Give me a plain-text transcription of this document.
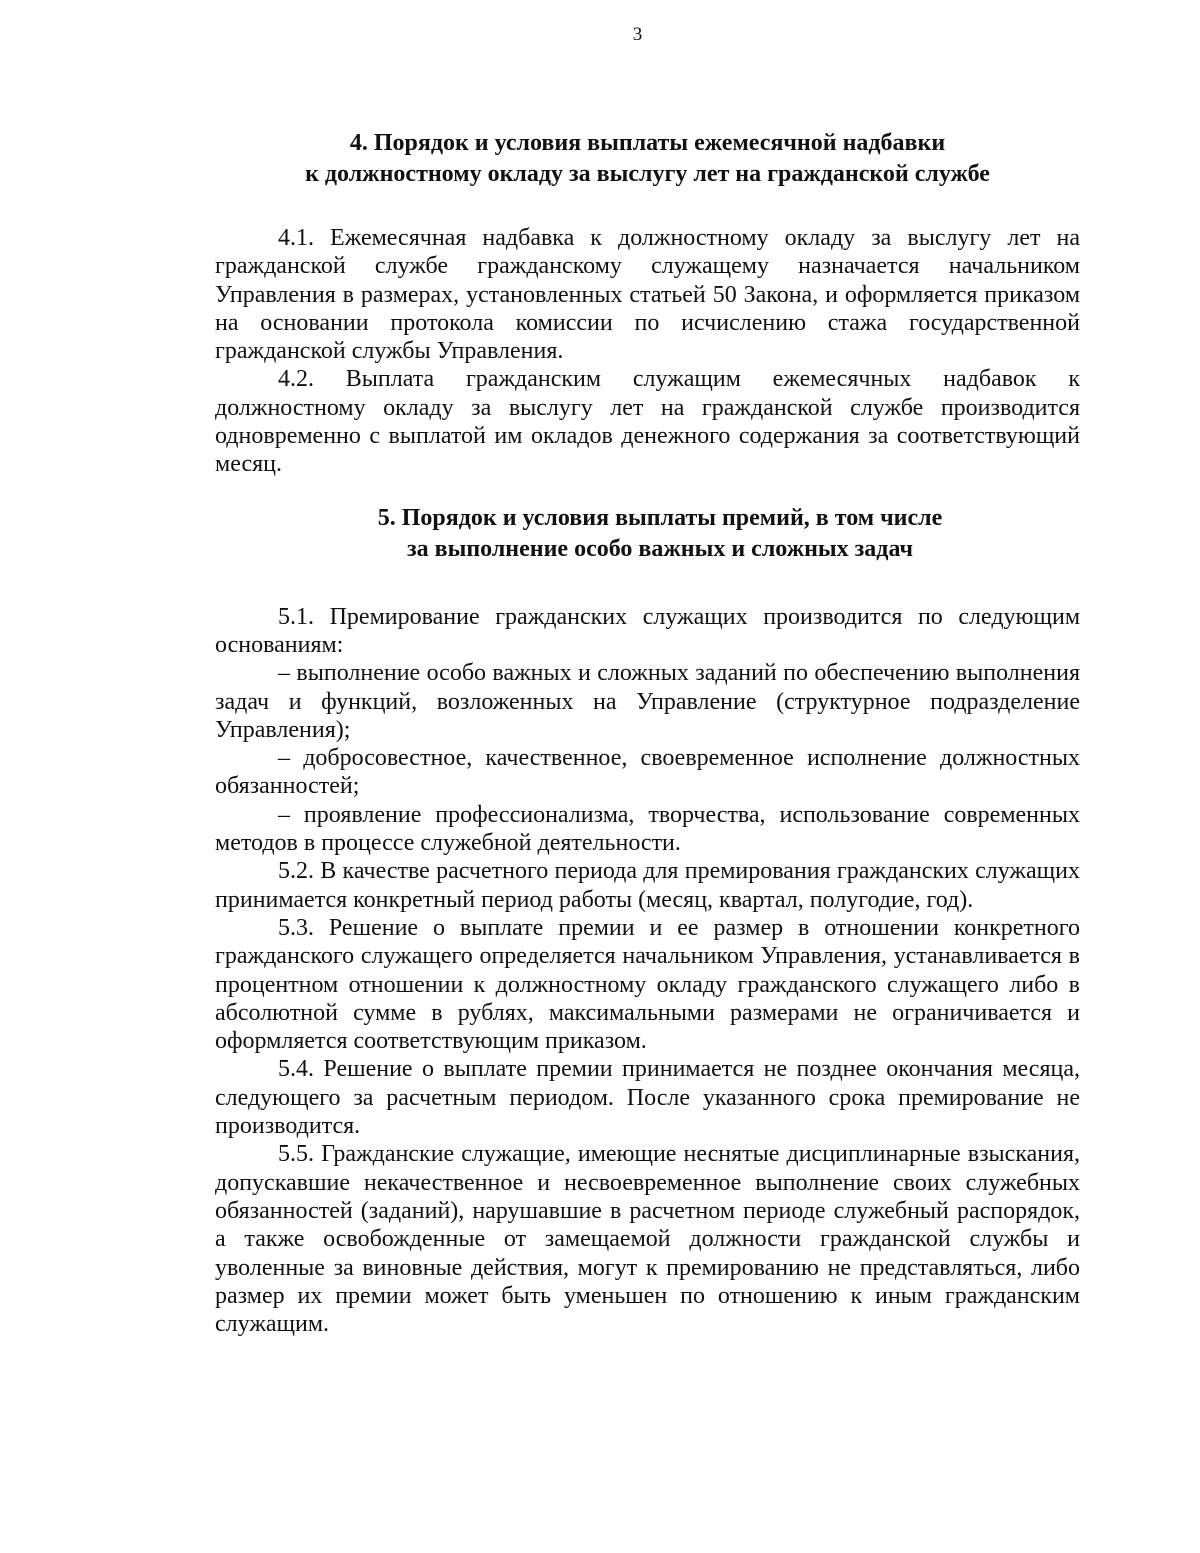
3
4. Порядок и условия выплаты ежемесячной надбавки
к должностному окладу за выслугу лет на гражданской службе

4.1. Ежемесячная надбавка к должностному окладу за выслугу лет на гражданской службе гражданскому служащему назначается начальником Управления в размерах, установленных статьей 50 Закона, и оформляется приказом на основании протокола комиссии по исчислению стажа государственной гражданской службы Управления.

4.2. Выплата гражданским служащим ежемесячных надбавок к должностному окладу за выслугу лет на гражданской службе производится одновременно с выплатой им окладов денежного содержания за соответствующий месяц.

5. Порядок и условия выплаты премий, в том числе
за выполнение особо важных и сложных задач

5.1. Премирование гражданских служащих производится по следующим основаниям:

– выполнение особо важных и сложных заданий по обеспечению выполнения задач и функций, возложенных на Управление (структурное подразделение Управления);

– добросовестное, качественное, своевременное исполнение должностных обязанностей;

– проявление профессионализма, творчества, использование современных методов в процессе служебной деятельности.

5.2. В качестве расчетного периода для премирования гражданских служащих принимается конкретный период работы (месяц, квартал, полугодие, год).

5.3. Решение о выплате премии и ее размер в отношении конкретного гражданского служащего определяется начальником Управления, устанавливается в процентном отношении к должностному окладу гражданского служащего либо в абсолютной сумме в рублях, максимальными размерами не ограничивается и оформляется соответствующим приказом.

5.4. Решение о выплате премии принимается не позднее окончания месяца, следующего за расчетным периодом. После указанного срока премирование не производится.

5.5. Гражданские служащие, имеющие неснятые дисциплинарные взыскания, допускавшие некачественное и несвоевременное выполнение своих служебных обязанностей (заданий), нарушавшие в расчетном периоде служебный распорядок, а также освобожденные от замещаемой должности гражданской службы и уволенные за виновные действия, могут к премированию не представляться, либо размер их премии может быть уменьшен по отношению к иным гражданским служащим.
